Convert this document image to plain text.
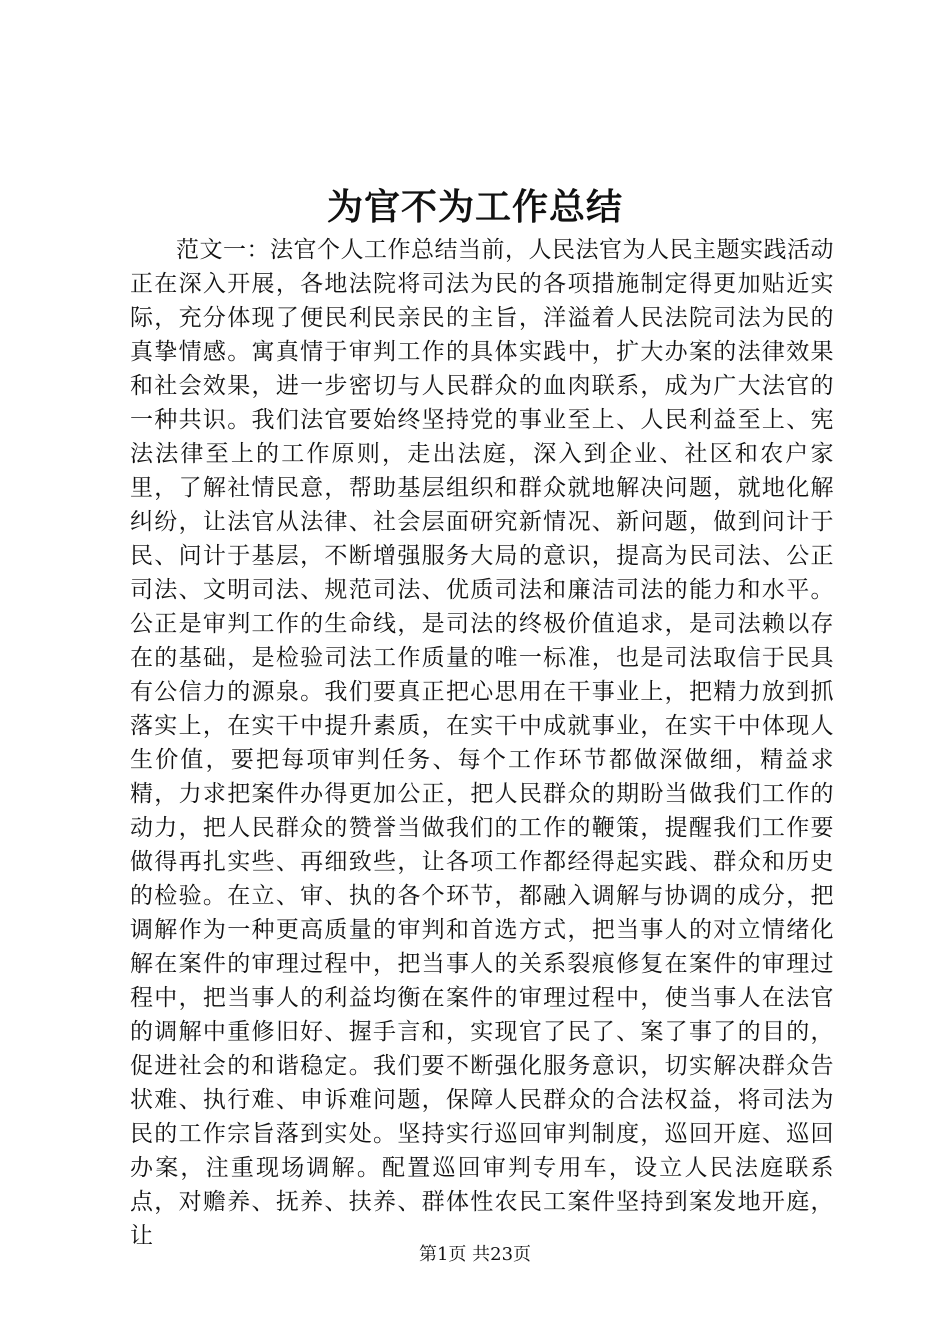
为官不为工作总结

范文一：法官个人工作总结当前，人民法官为人民主题实践活动正在深入开展，各地法院将司法为民的各项措施制定得更加贴近实际，充分体现了便民利民亲民的主旨，洋溢着人民法院司法为民的真挚情感。寓真情于审判工作的具体实践中，扩大办案的法律效果和社会效果，进一步密切与人民群众的血肉联系，成为广大法官的一种共识。我们法官要始终坚持党的事业至上、人民利益至上、宪法法律至上的工作原则，走出法庭，深入到企业、社区和农户家里，了解社情民意，帮助基层组织和群众就地解决问题，就地化解纠纷，让法官从法律、社会层面研究新情况、新问题，做到问计于民、问计于基层，不断增强服务大局的意识，提高为民司法、公正司法、文明司法、规范司法、优质司法和廉洁司法的能力和水平。公正是审判工作的生命线，是司法的终极价值追求，是司法赖以存在的基础，是检验司法工作质量的唯一标准，也是司法取信于民具有公信力的源泉。我们要真正把心思用在干事业上，把精力放到抓落实上，在实干中提升素质，在实干中成就事业，在实干中体现人生价值，要把每项审判任务、每个工作环节都做深做细，精益求精，力求把案件办得更加公正，把人民群众的期盼当做我们工作的动力，把人民群众的赞誉当做我们的工作的鞭策，提醒我们工作要做得再扎实些、再细致些，让各项工作都经得起实践、群众和历史的检验。在立、审、执的各个环节，都融入调解与协调的成分，把调解作为一种更高质量的审判和首选方式，把当事人的对立情绪化解在案件的审理过程中，把当事人的关系裂痕修复在案件的审理过程中，把当事人的利益均衡在案件的审理过程中，使当事人在法官的调解中重修旧好、握手言和，实现官了民了、案了事了的目的，促进社会的和谐稳定。我们要不断强化服务意识，切实解决群众告状难、执行难、申诉难问题，保障人民群众的合法权益，将司法为民的工作宗旨落到实处。坚持实行巡回审判制度，巡回开庭、巡回办案，注重现场调解。配置巡回审判专用车，设立人民法庭联系点，对赡养、抚养、扶养、群体性农民工案件坚持到案发地开庭，让

第1页 共23页
